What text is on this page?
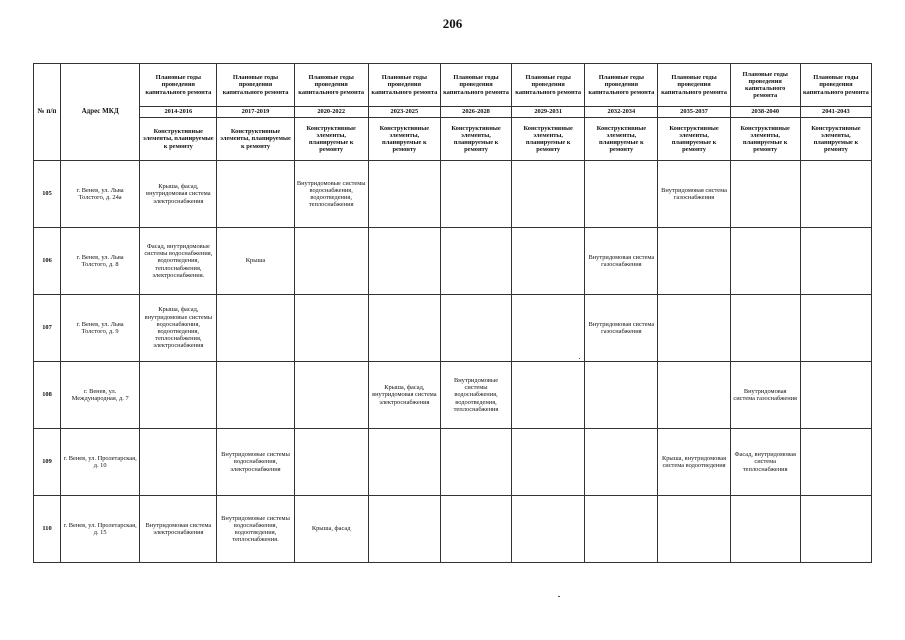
206
№ п/п	Адрес МКД	Плановые годы проведения капитального ремонта	Плановые годы проведения капитального ремонта	Плановые годы проведения капитального ремонта	Плановые годы проведения капитального ремонта	Плановые годы проведения капитального ремонта	Плановые годы проведения капитального ремонта	Плановые годы проведения капитального ремонта	Плановые годы проведения капитального ремонта	Плановые годы проведения капитального ремонта	Плановые годы проведения капитального ремонта
		2014-2016	2017-2019	2020-2022	2023-2025	2026-2028	2029-2031	2032-2034	2035-2037	2038-2040	2041-2043
		Конструктивные элементы, планируемые к ремонту	Конструктивные элементы, планируемые к ремонту	Конструктивные элементы, планируемые к ремонту	Конструктивные элементы, планируемые к ремонту	Конструктивные элементы, планируемые к ремонту	Конструктивные элементы, планируемые к ремонту	Конструктивные элементы, планируемые к ремонту	Конструктивные элементы, планируемые к ремонту	Конструктивные элементы, планируемые к ремонту	Конструктивные элементы, планируемые к ремонту
105	г. Венев, ул. Льва Толстого, д. 24а	Крыша, фасад, внутридомовая система электроснабжения		Внутридомовые системы водоснабжения, водоотведения, теплоснабжения					Внутридомовая система газоснабжения		
106	г. Венев, ул. Льва Толстого, д. 8	Фасад, внутридомовые системы водоснабжения, водоотведения, теплоснабжения, электроснабжения.	Крыша					Внутридомовая система газоснабжения			
107	г. Венев, ул. Льва Толстого, д. 9	Крыша, фасад, внутридомовые системы водоснабжения, водоотведения, теплоснабжения, электроснабжения						Внутридомовая система газоснабжения			
108	г. Венев, ул. Международная, д. 7				Крыша, фасад, внутридомовая система электроснабжения	Внутридомовые системы водоснабжения, водоотведения, теплоснабжения				Внутридомовая система газоснабжения	
109	г. Венев, ул. Пролетарская, д. 10		Внутридомовые системы водоснабжения, электроснабжения						Крыша, внутридомовая система водоотведения	Фасад, внутридомовая система теплоснабжения	
110	г. Венев, ул. Пролетарская, д. 15	Внутридомовая система электроснабжения	Внутридомовые системы водоснабжения, водоотведения, теплоснабжения.	Крыша, фасад							
